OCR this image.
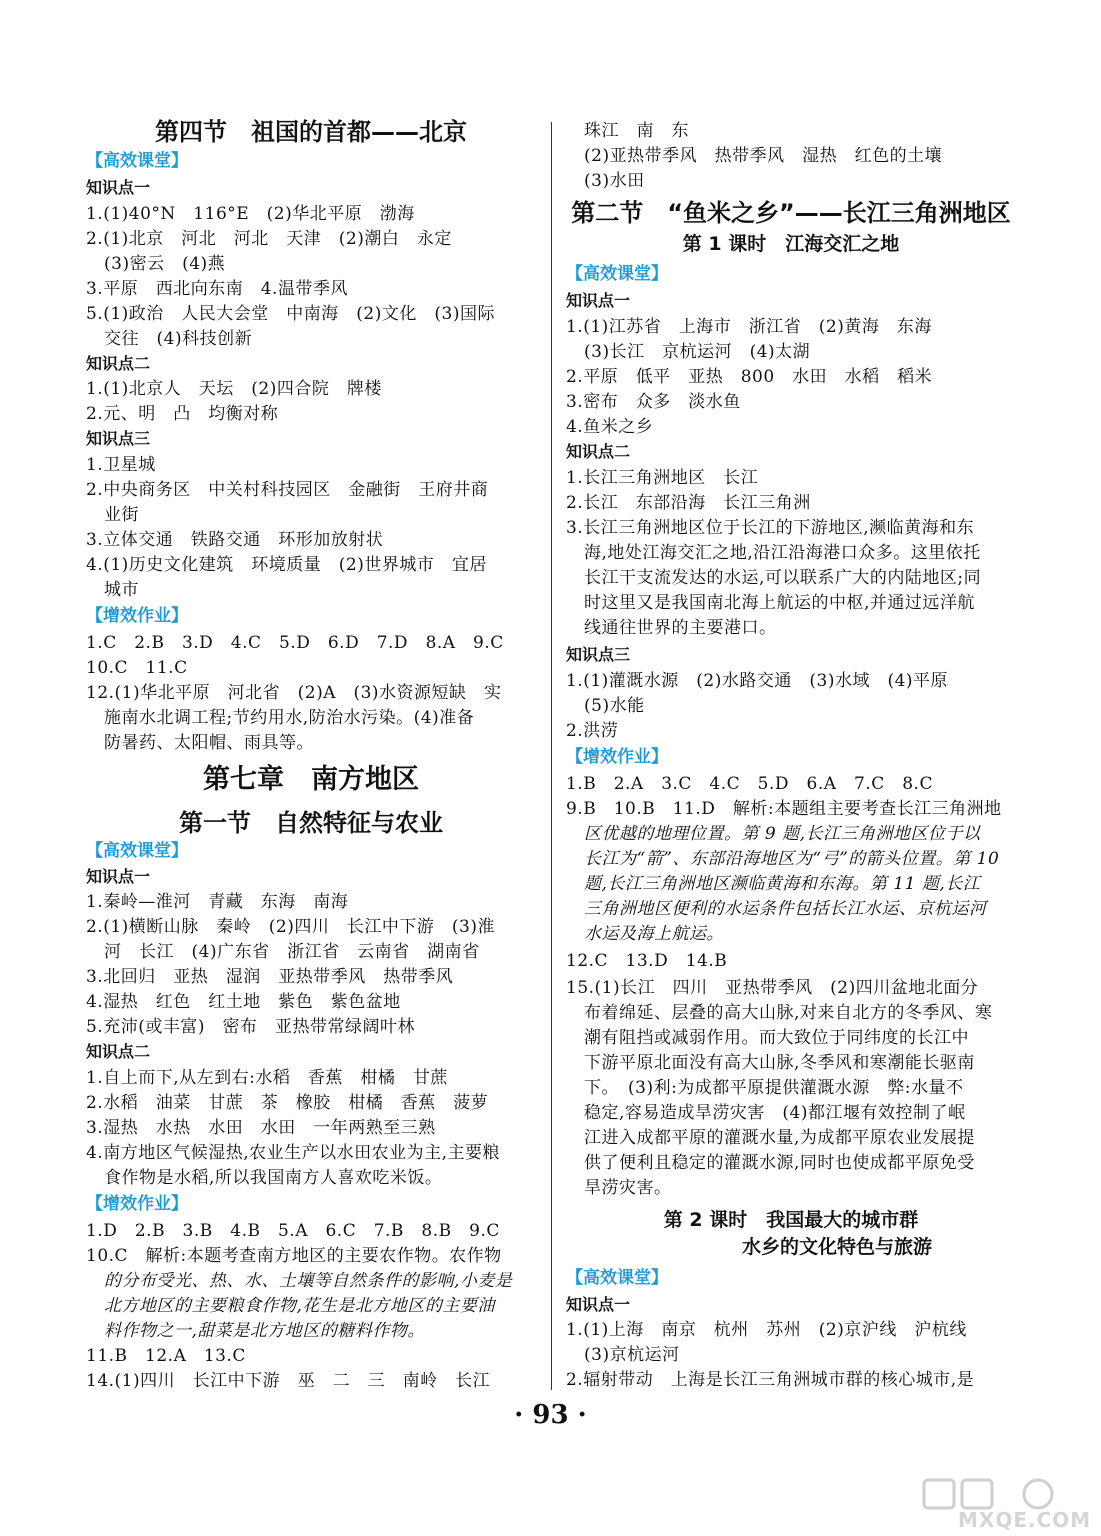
第四节　祖国的首都——北京
【高效课堂】
知识点一
1.(1)40°N　116°E　(2)华北平原　渤海
2.(1)北京　河北　河北　天津　(2)潮白　永定
(3)密云　(4)燕
3.平原　西北向东南　4.温带季风
5.(1)政治　人民大会堂　中南海　(2)文化　(3)国际
交往　(4)科技创新
知识点二
1.(1)北京人　天坛　(2)四合院　牌楼
2.元、明　凸　均衡对称
知识点三
1.卫星城
2.中央商务区　中关村科技园区　金融街　王府井商
业街
3.立体交通　铁路交通　环形加放射状
4.(1)历史文化建筑　环境质量　(2)世界城市　宜居
城市
【增效作业】
1.C　2.B　3.D　4.C　5.D　6.D　7.D　8.A　9.C
10.C　11.C
12.(1)华北平原　河北省　(2)A　(3)水资源短缺　实
施南水北调工程;节约用水,防治水污染。(4)准备
防暑药、太阳帽、雨具等。
第七章　南方地区
第一节　自然特征与农业
【高效课堂】
知识点一
1.秦岭—淮河　青藏　东海　南海
2.(1)横断山脉　秦岭　(2)四川　长江中下游　(3)淮
河　长江　(4)广东省　浙江省　云南省　湖南省
3.北回归　亚热　湿润　亚热带季风　热带季风
4.湿热　红色　红土地　紫色　紫色盆地
5.充沛(或丰富)　密布　亚热带常绿阔叶林
知识点二
1.自上而下,从左到右:水稻　香蕉　柑橘　甘蔗
2.水稻　油菜　甘蔗　茶　橡胶　柑橘　香蕉　菠萝
3.湿热　水热　水田　水田　一年两熟至三熟
4.南方地区气候湿热,农业生产以水田农业为主,主要粮
食作物是水稻,所以我国南方人喜欢吃米饭。
【增效作业】
1.D　2.B　3.B　4.B　5.A　6.C　7.B　8.B　9.C
10.C　解析:本题考查南方地区的主要农作物。农作物
的分布受光、热、水、土壤等自然条件的影响,小麦是
北方地区的主要粮食作物,花生是北方地区的主要油
料作物之一,甜菜是北方地区的糖料作物。
11.B　12.A　13.C
14.(1)四川　长江中下游　巫　二　三　南岭　长江
珠江　南　东
(2)亚热带季风　热带季风　湿热　红色的土壤
(3)水田
第二节　“鱼米之乡”——长江三角洲地区
第 1 课时　江海交汇之地
【高效课堂】
知识点一
1.(1)江苏省　上海市　浙江省　(2)黄海　东海
(3)长江　京杭运河　(4)太湖
2.平原　低平　亚热　800　水田　水稻　稻米
3.密布　众多　淡水鱼
4.鱼米之乡
知识点二
1.长江三角洲地区　长江
2.长江　东部沿海　长江三角洲
3.长江三角洲地区位于长江的下游地区,濒临黄海和东
海,地处江海交汇之地,沿江沿海港口众多。这里依托
长江干支流发达的水运,可以联系广大的内陆地区;同
时这里又是我国南北海上航运的中枢,并通过远洋航
线通往世界的主要港口。
知识点三
1.(1)灌溉水源　(2)水路交通　(3)水域　(4)平原
(5)水能
2.洪涝
【增效作业】
1.B　2.A　3.C　4.C　5.D　6.A　7.C　8.C
9.B　10.B　11.D　解析:本题组主要考查长江三角洲地
区优越的地理位置。第 9 题,长江三角洲地区位于以
长江为“箭”、东部沿海地区为“弓”的箭头位置。第 10
题,长江三角洲地区濒临黄海和东海。第 11 题,长江
三角洲地区便利的水运条件包括长江水运、京杭运河
水运及海上航运。
12.C　13.D　14.B
15.(1)长江　四川　亚热带季风　(2)四川盆地北面分
布着绵延、层叠的高大山脉,对来自北方的冬季风、寒
潮有阻挡或减弱作用。而大致位于同纬度的长江中
下游平原北面没有高大山脉,冬季风和寒潮能长驱南
下。　(3)利:为成都平原提供灌溉水源　弊:水量不
稳定,容易造成旱涝灾害　(4)都江堰有效控制了岷
江进入成都平原的灌溉水量,为成都平原农业发展提
供了便利且稳定的灌溉水源,同时也使成都平原免受
旱涝灾害。
第 2 课时　我国最大的城市群
水乡的文化特色与旅游
【高效课堂】
知识点一
1.(1)上海　南京　杭州　苏州　(2)京沪线　沪杭线
(3)京杭运河
2.辐射带动　上海是长江三角洲城市群的核心城市,是
· 93 ·
MXQE.COM
